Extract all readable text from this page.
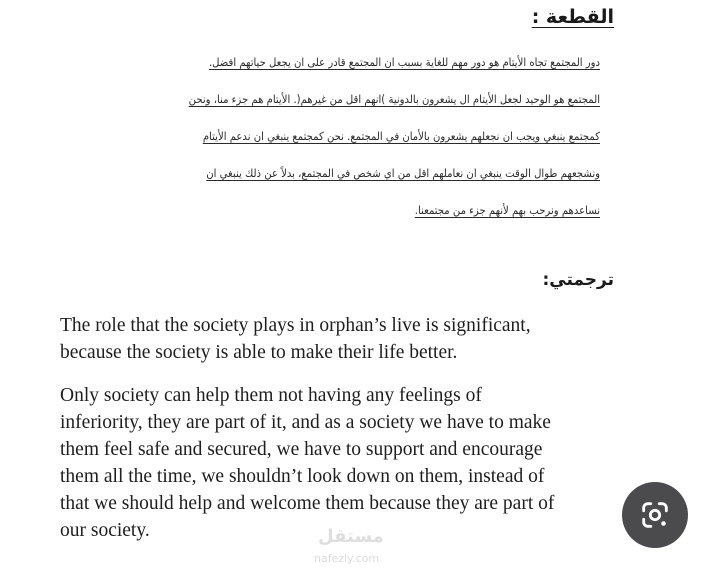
القطعة :
دور المجتمع تجاه الأيتام هو دور مهم للغاية بسبب ان المجتمع قادر على ان يجعل حياتهم افضل.
المجتمع هو الوحيد لجعل الأيتام ال يشعرون بالدونية )انهم اقل من غيرهم(. الأيتام هم جزء منا، ونحن
كمجتمع ينبغي ويجب ان نجعلهم يشعرون بالأمان في المجتمع. نحن كمجتمع ينبغي ان ندعم الأيتام
ونشجعهم طوال الوقت ينبغي ان نعاملهم اقل من اي شخص في المجتمع، بدلاً عن ذلك ينبغي ان
نساعدهم ونرحب بهم لأنهم جزء من مجتمعنا.
ترجمتي:
The role that the society plays in orphan’s live is significant,
because the society is able to make their life better.
Only society can help them not having any feelings of
inferiority, they are part of it, and as a society we have to make
them feel safe and secured, we have to support and encourage
them all the time, we shouldn’t look down on them, instead of
that we should help and welcome them because they are part of
our society.	مستقل
nafezly.com
